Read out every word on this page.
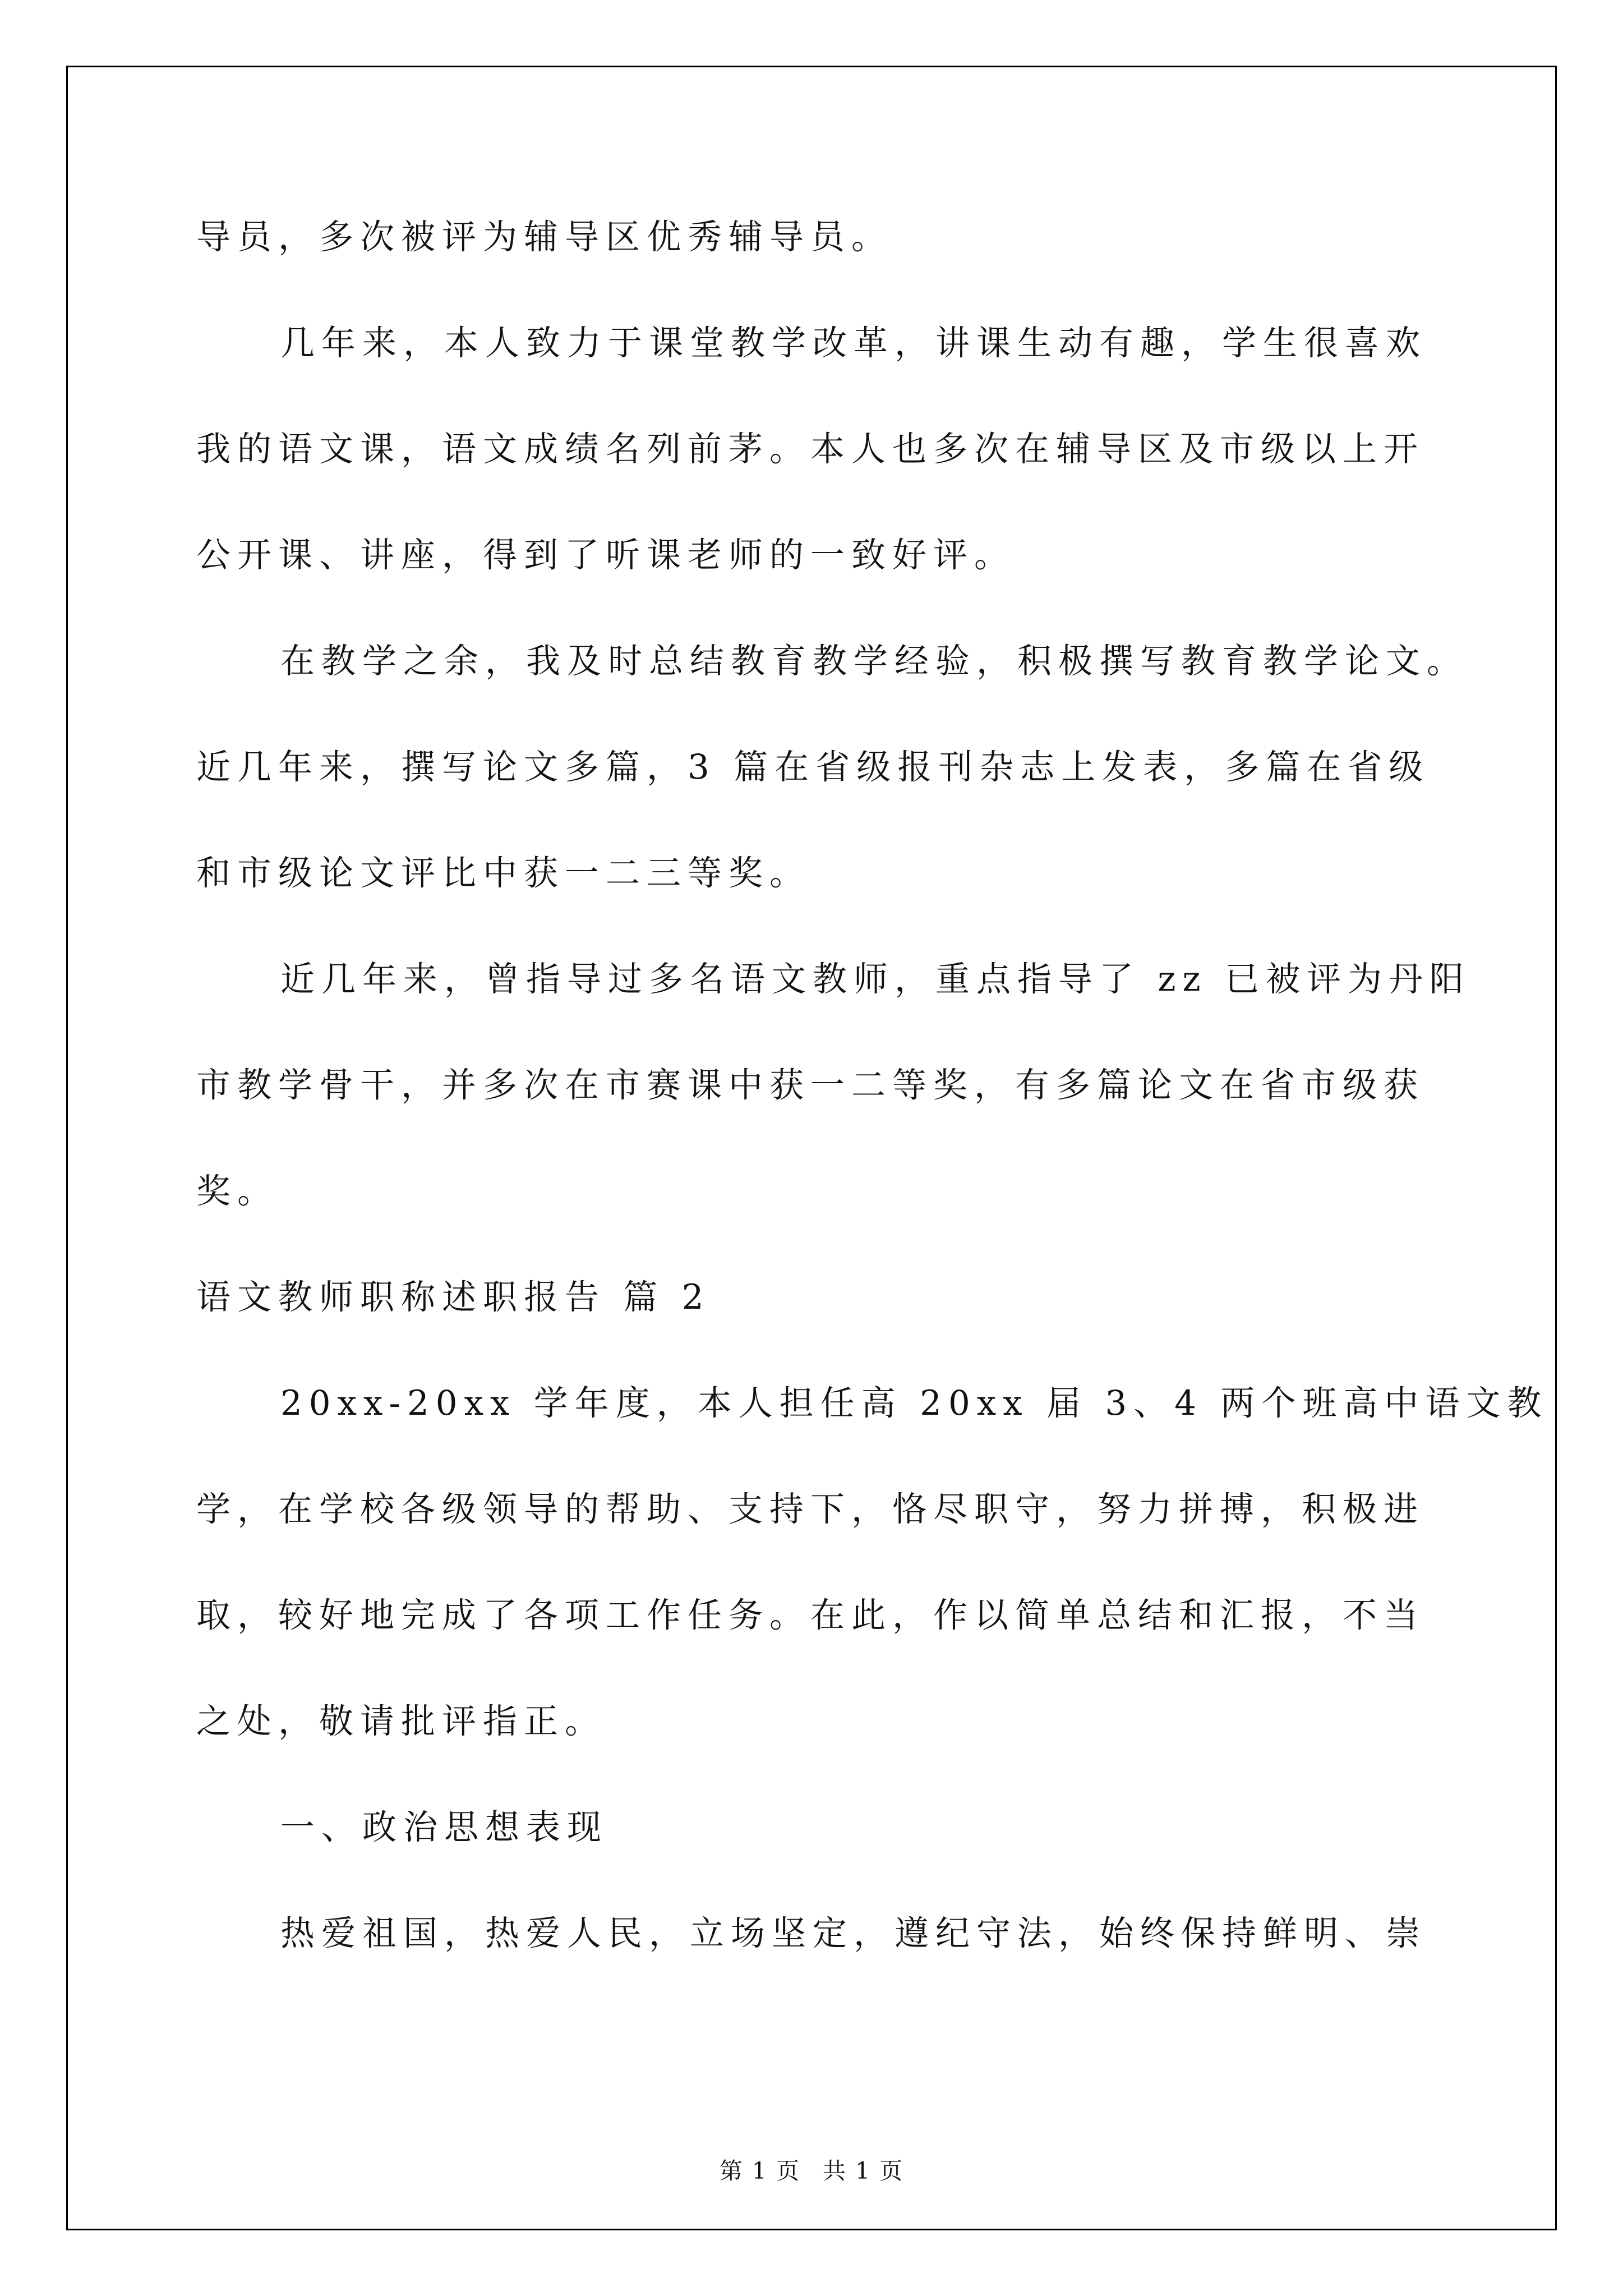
导员，多次被评为辅导区优秀辅导员。
几年来，本人致力于课堂教学改革，讲课生动有趣，学生很喜欢
我的语文课，语文成绩名列前茅。本人也多次在辅导区及市级以上开
公开课、讲座，得到了听课老师的一致好评。
在教学之余，我及时总结教育教学经验，积极撰写教育教学论文。
近几年来，撰写论文多篇，3 篇在省级报刊杂志上发表，多篇在省级
和市级论文评比中获一二三等奖。
近几年来，曾指导过多名语文教师，重点指导了 zz 已被评为丹阳
市教学骨干，并多次在市赛课中获一二等奖，有多篇论文在省市级获
奖。
语文教师职称述职报告 篇 2
20xx-20xx 学年度，本人担任高 20xx 届 3、4 两个班高中语文教
学，在学校各级领导的帮助、支持下，恪尽职守，努力拼搏，积极进
取，较好地完成了各项工作任务。在此，作以简单总结和汇报，不当
之处，敬请批评指正。
一、政治思想表现
热爱祖国，热爱人民，立场坚定，遵纪守法，始终保持鲜明、崇
第 1 页 共 1 页
